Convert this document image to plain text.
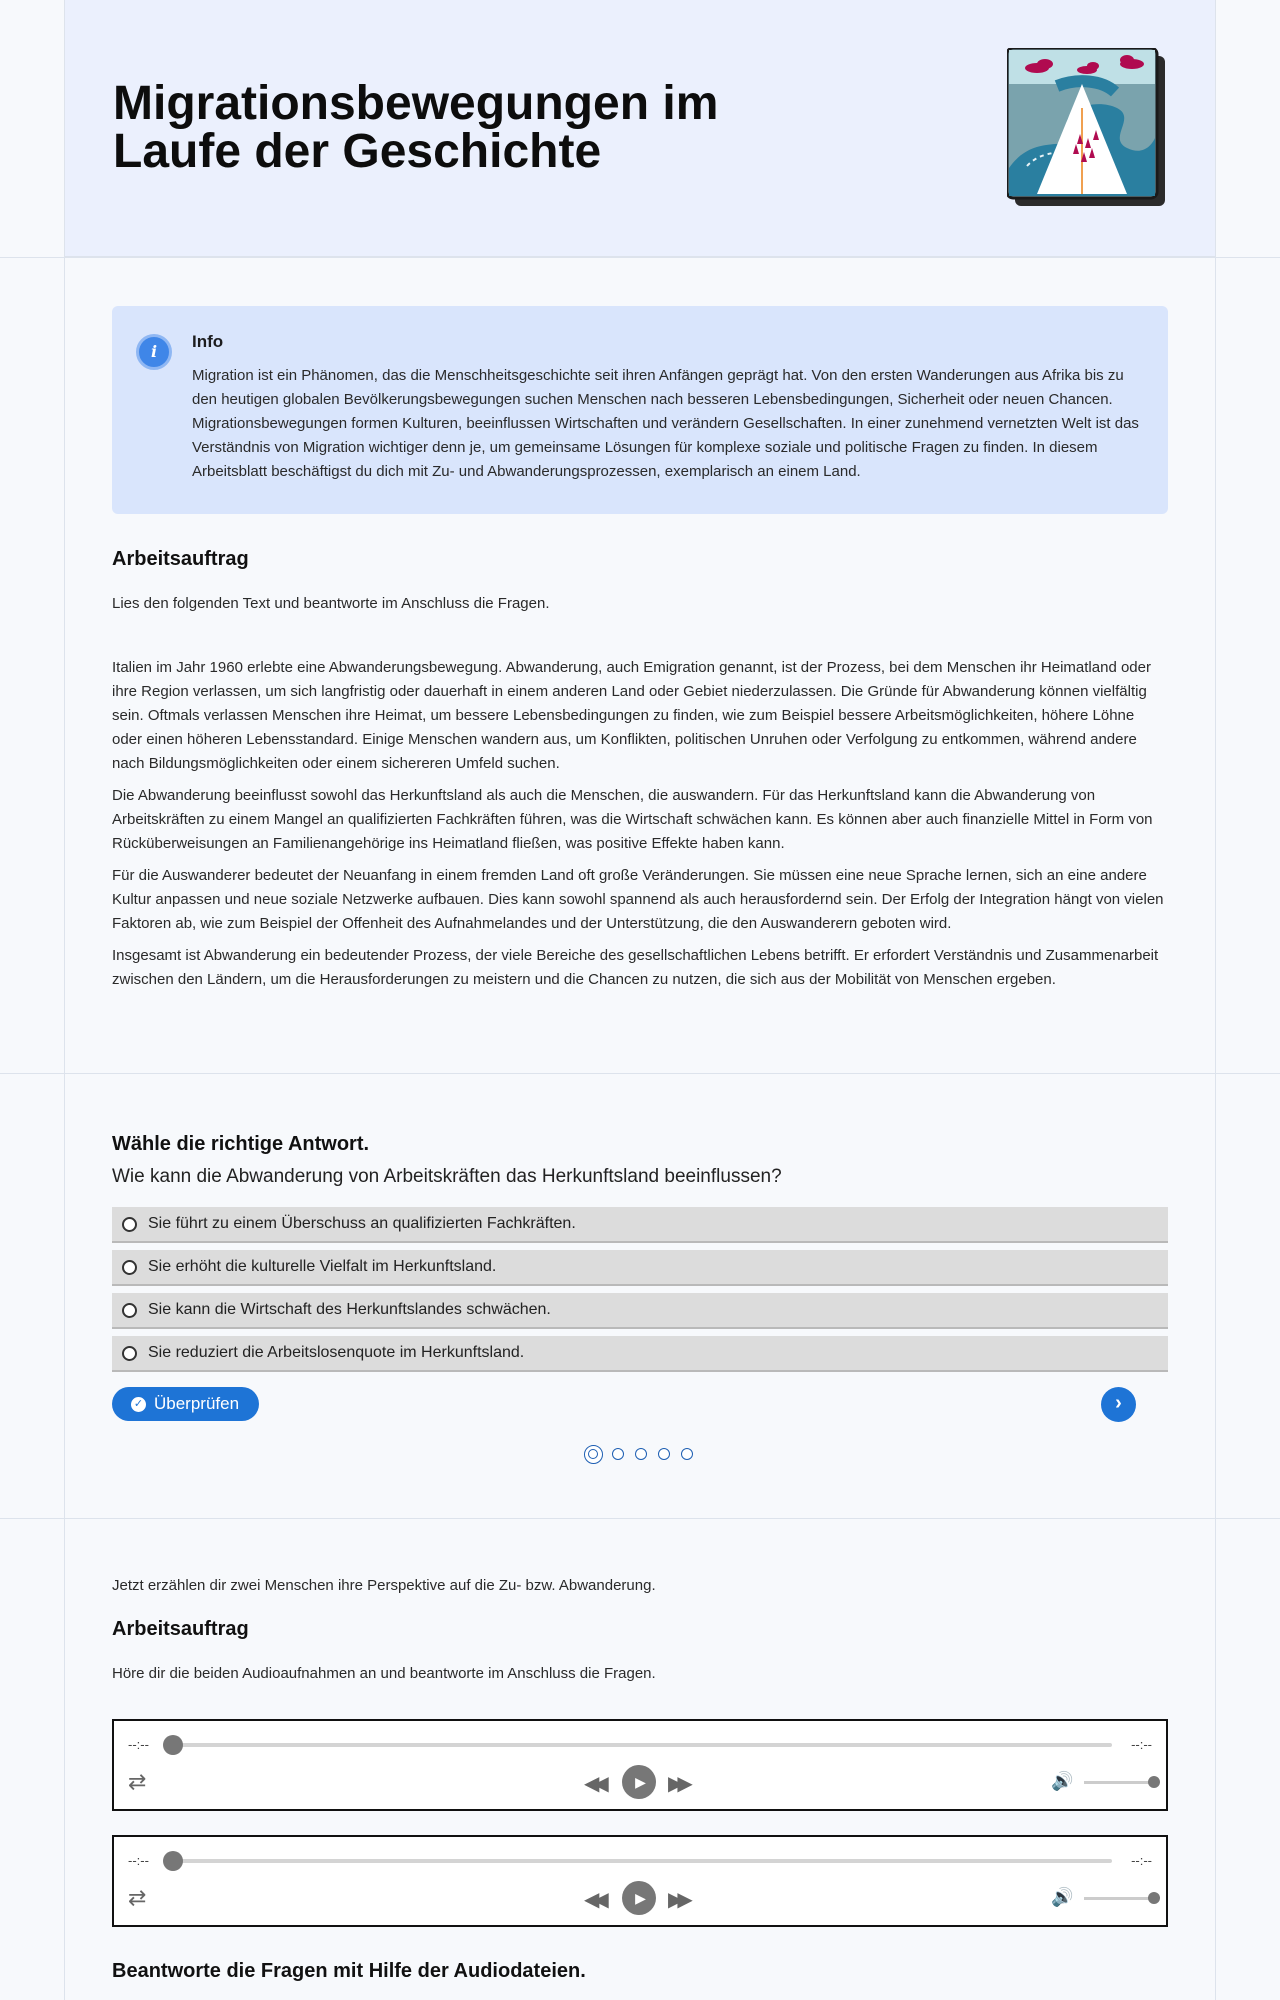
Migrationsbewegungen im Laufe der Geschichte
i
Info
Migration ist ein Phänomen, das die Menschheitsgeschichte seit ihren Anfängen geprägt hat. Von den ersten Wanderungen aus Afrika bis zu den heutigen globalen Bevölkerungsbewegungen suchen Menschen nach besseren Lebensbedingungen, Sicherheit oder neuen Chancen. Migrationsbewegungen formen Kulturen, beeinflussen Wirtschaften und verändern Gesellschaften. In einer zunehmend vernetzten Welt ist das Verständnis von Migration wichtiger denn je, um gemeinsame Lösungen für komplexe soziale und politische Fragen zu finden. In diesem Arbeitsblatt beschäftigst du dich mit Zu- und Abwanderungsprozessen, exemplarisch an einem Land.
Arbeitsauftrag
Lies den folgenden Text und beantworte im Anschluss die Fragen.

Italien im Jahr 1960 erlebte eine Abwanderungsbewegung. Abwanderung, auch Emigration genannt, ist der Prozess, bei dem Menschen ihr Heimatland oder ihre Region verlassen, um sich langfristig oder dauerhaft in einem anderen Land oder Gebiet niederzulassen. Die Gründe für Abwanderung können vielfältig sein. Oftmals verlassen Menschen ihre Heimat, um bessere Lebensbedingungen zu finden, wie zum Beispiel bessere Arbeitsmöglichkeiten, höhere Löhne oder einen höheren Lebensstandard. Einige Menschen wandern aus, um Konflikten, politischen Unruhen oder Verfolgung zu entkommen, während andere nach Bildungsmöglichkeiten oder einem sichereren Umfeld suchen.

Die Abwanderung beeinflusst sowohl das Herkunftsland als auch die Menschen, die auswandern. Für das Herkunftsland kann die Abwanderung von Arbeitskräften zu einem Mangel an qualifizierten Fachkräften führen, was die Wirtschaft schwächen kann. Es können aber auch finanzielle Mittel in Form von Rücküberweisungen an Familienangehörige ins Heimatland fließen, was positive Effekte haben kann.

Für die Auswanderer bedeutet der Neuanfang in einem fremden Land oft große Veränderungen. Sie müssen eine neue Sprache lernen, sich an eine andere Kultur anpassen und neue soziale Netzwerke aufbauen. Dies kann sowohl spannend als auch herausfordernd sein. Der Erfolg der Integration hängt von vielen Faktoren ab, wie zum Beispiel der Offenheit des Aufnahmelandes und der Unterstützung, die den Auswanderern geboten wird.

Insgesamt ist Abwanderung ein bedeutender Prozess, der viele Bereiche des gesellschaftlichen Lebens betrifft. Er erfordert Verständnis und Zusammenarbeit zwischen den Ländern, um die Herausforderungen zu meistern und die Chancen zu nutzen, die sich aus der Mobilität von Menschen ergeben.

Wähle die richtige Antwort.
Wie kann die Abwanderung von Arbeitskräften das Herkunftsland beeinflussen?
Sie führt zu einem Überschuss an qualifizierten Fachkräften.
Sie erhöht die kulturelle Vielfalt im Herkunftsland.
Sie kann die Wirtschaft des Herkunftslandes schwächen.
Sie reduziert die Arbeitslosenquote im Herkunftsland.
✓ Überprüfen	›
Jetzt erzählen dir zwei Menschen ihre Perspektive auf die Zu- bzw. Abwanderung.
Arbeitsauftrag
Höre dir die beiden Audioaufnahmen an und beantworte im Anschluss die Fragen.
--:--	--:--
⇄	◀◀	▶	▶▶	🔊
--:--	--:--
⇄	◀◀	▶	▶▶	🔊
Beantworte die Fragen mit Hilfe der Audiodateien.
